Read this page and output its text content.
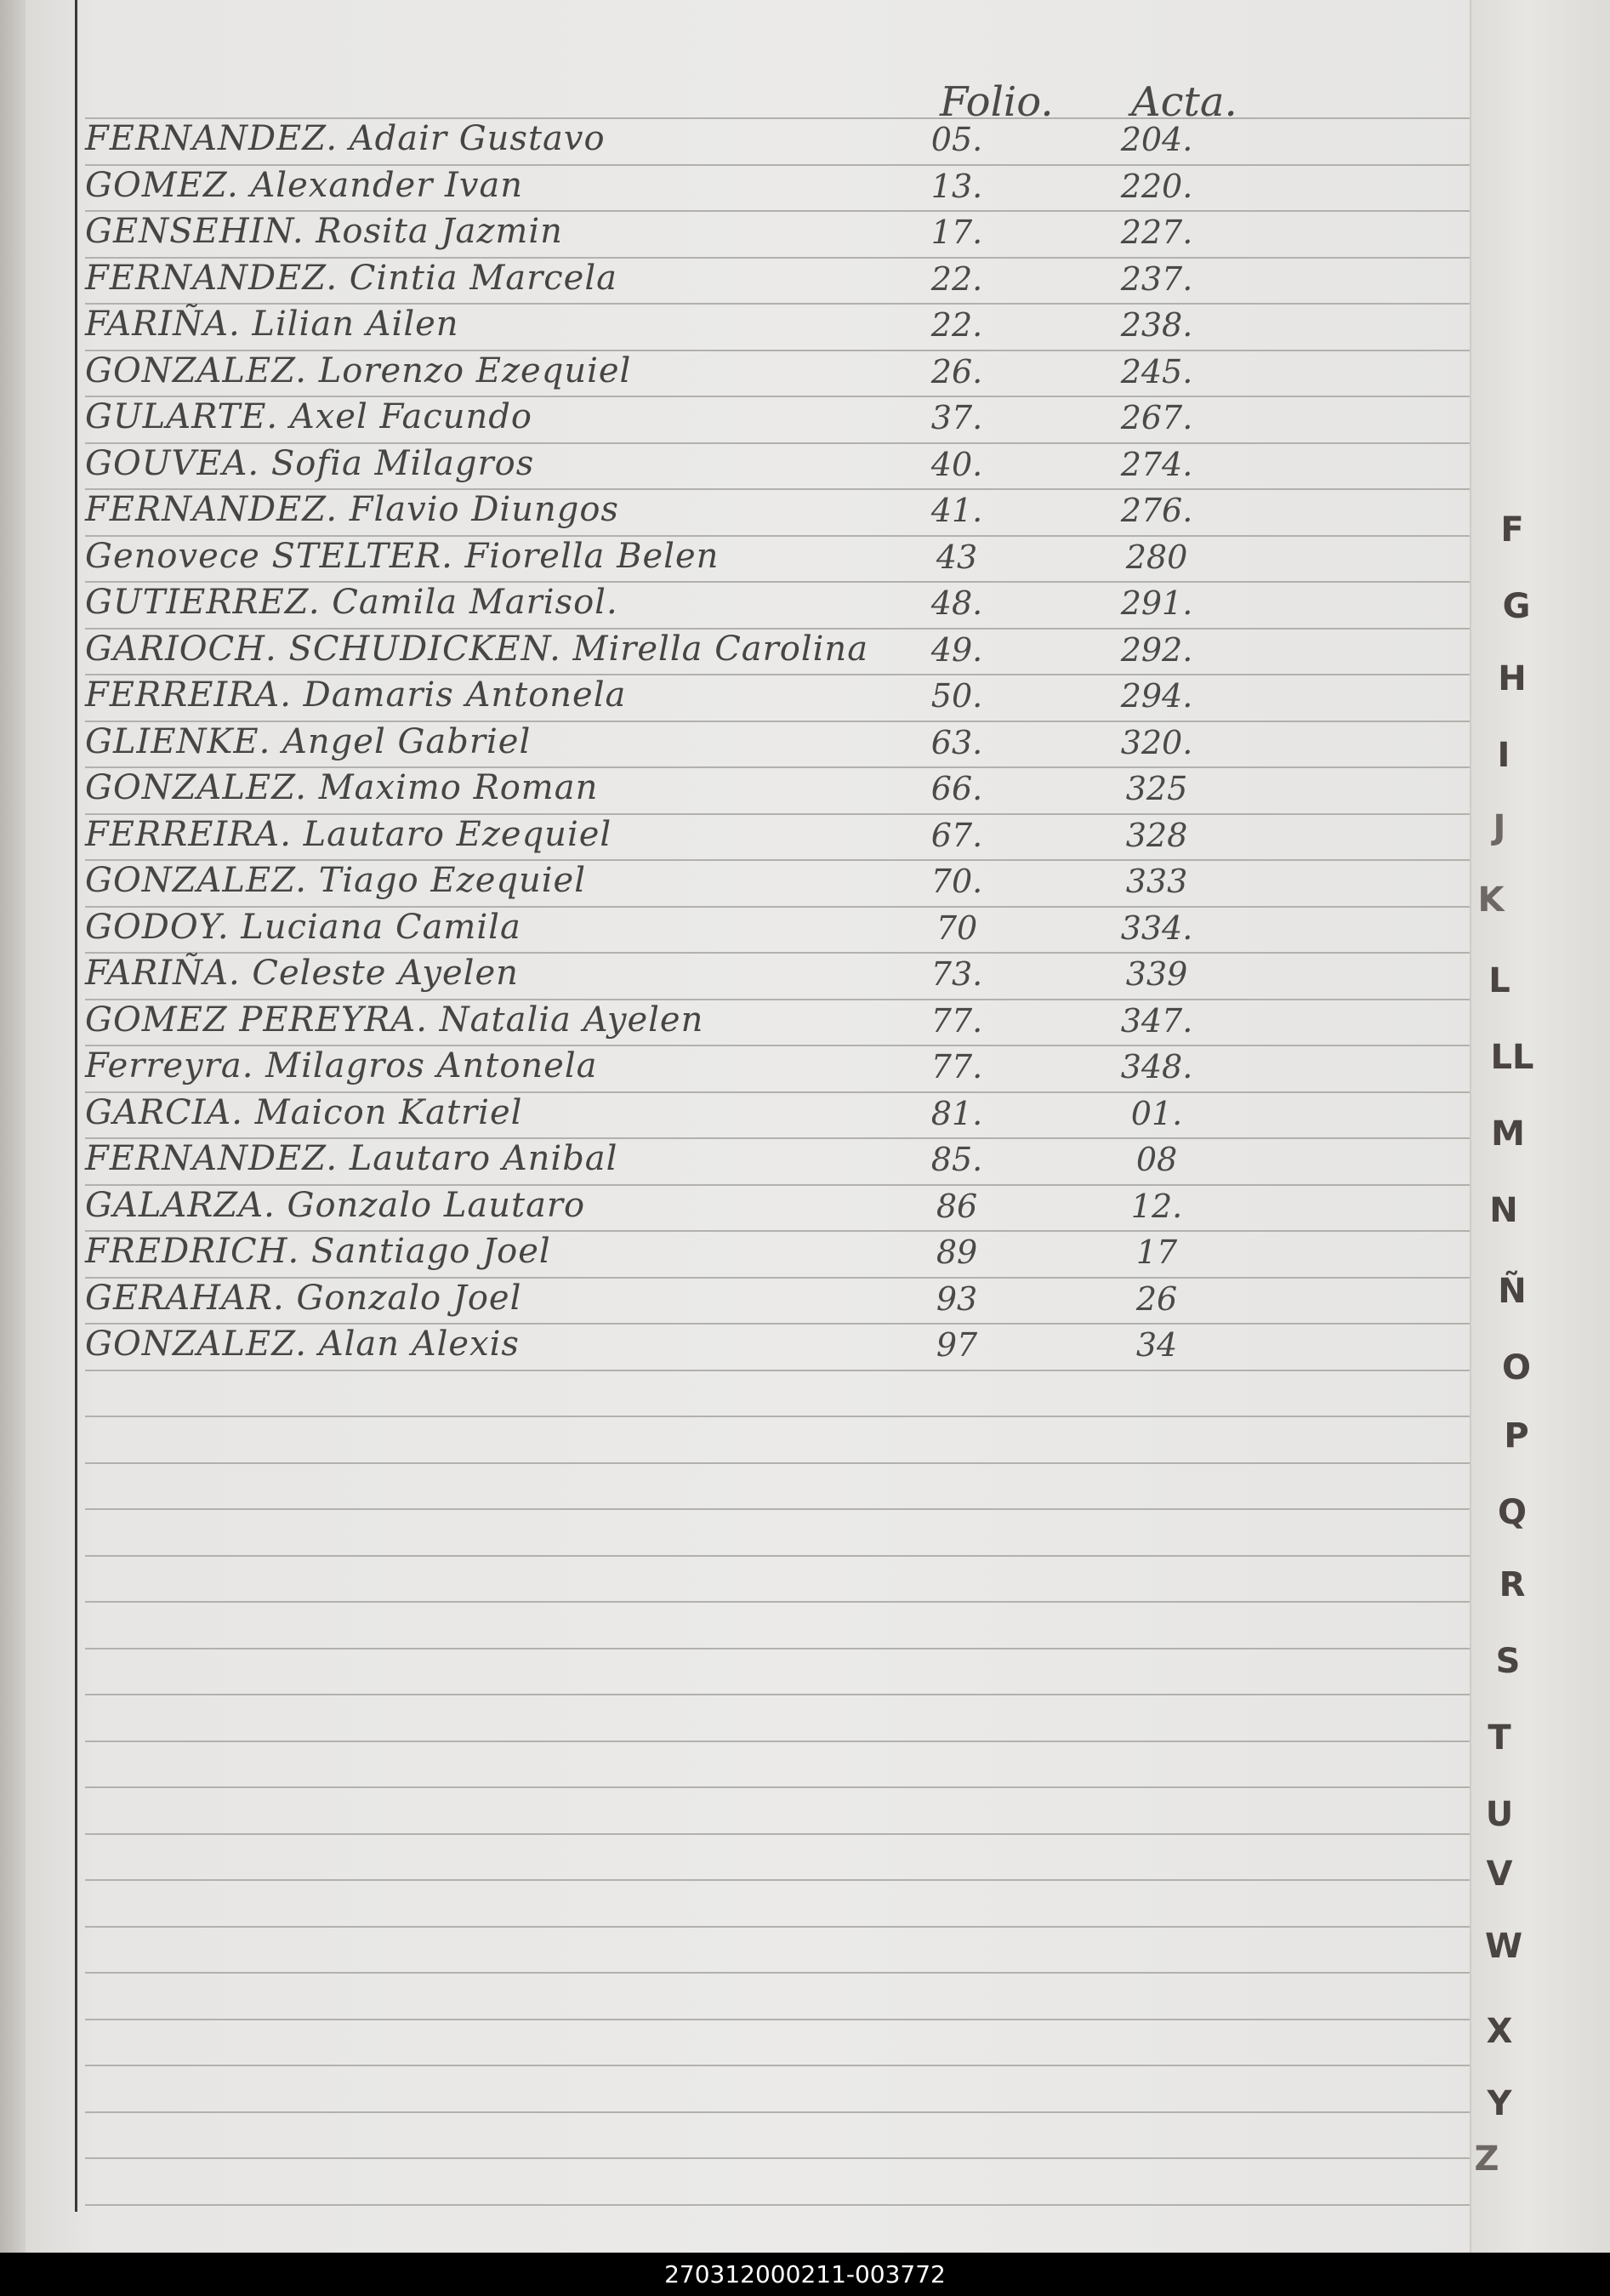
Folio. Acta.
FERNANDEZ. Adair Gustavo	05.	204.
GOMEZ. Alexander Ivan	13.	220.
GENSEHIN. Rosita Jazmin	17.	227.
FERNANDEZ. Cintia Marcela	22.	237.
FARIÑA. Lilian Ailen	22.	238.
GONZALEZ. Lorenzo Ezequiel	26.	245.
GULARTE. Axel Facundo	37.	267.
GOUVEA. Sofia Milagros	40.	274.
FERNANDEZ. Flavio Diungos	41.	276.
Genovece STELTER. Fiorella Belen	43	280
GUTIERREZ. Camila Marisol.	48.	291.
GARIOCH. SCHUDICKEN. Mirella Carolina	49.	292.
FERREIRA. Damaris Antonela	50.	294.
GLIENKE. Angel Gabriel	63.	320.
GONZALEZ. Maximo Roman	66.	325
FERREIRA. Lautaro Ezequiel	67.	328
GONZALEZ. Tiago Ezequiel	70.	333
GODOY. Luciana Camila	70	334.
FARIÑA. Celeste Ayelen	73.	339
GOMEZ PEREYRA. Natalia Ayelen	77.	347.
Ferreyra. Milagros Antonela	77.	348.
GARCIA. Maicon Katriel	81.	01.
FERNANDEZ. Lautaro Anibal	85.	08
GALARZA. Gonzalo Lautaro	86	12.
FREDRICH. Santiago Joel	89	17
GERAHAR. Gonzalo Joel	93	26
GONZALEZ. Alan Alexis	97	34
F
G
H
I
J
K
L
LL
M
N
Ñ
O
P
Q
R
S
T
U
V
W
X
Y
Z
270312000211-003772
